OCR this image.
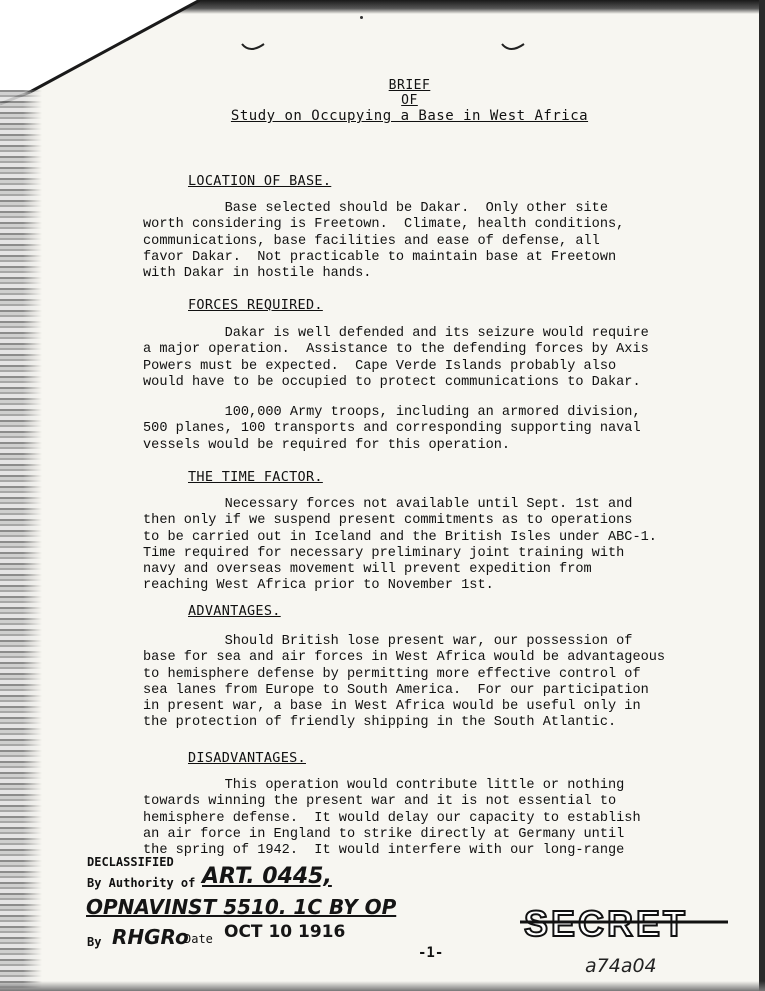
BRIEF
OF
Study on Occupying a Base in West Africa
LOCATION OF BASE.
Base selected should be Dakar.  Only other site
worth considering is Freetown.  Climate, health conditions,
communications, base facilities and ease of defense, all
favor Dakar.  Not practicable to maintain base at Freetown
with Dakar in hostile hands.
FORCES REQUIRED.
Dakar is well defended and its seizure would require
a major operation.  Assistance to the defending forces by Axis
Powers must be expected.  Cape Verde Islands probably also
would have to be occupied to protect communications to Dakar.
100,000 Army troops, including an armored division,
500 planes, 100 transports and corresponding supporting naval
vessels would be required for this operation.
THE TIME FACTOR.
Necessary forces not available until Sept. 1st and
then only if we suspend present commitments as to operations
to be carried out in Iceland and the British Isles under ABC-1.
Time required for necessary preliminary joint training with
navy and overseas movement will prevent expedition from
reaching West Africa prior to November 1st.
ADVANTAGES.
Should British lose present war, our possession of
base for sea and air forces in West Africa would be advantageous
to hemisphere defense by permitting more effective control of
sea lanes from Europe to South America.  For our participation
in present war, a base in West Africa would be useful only in
the protection of friendly shipping in the South Atlantic.
DISADVANTAGES.
This operation would contribute little or nothing
towards winning the present war and it is not essential to
hemisphere defense.  It would delay our capacity to establish
an air force in England to strike directly at Germany until
the spring of 1942.  It would interfere with our long-range
DECLASSIFIED
By Authority of ART. 0445,
OPNAVINST 5510. 1C BY OP
By RHGRo
Date OCT 10 1916
-1-
SECRET
a74a04
